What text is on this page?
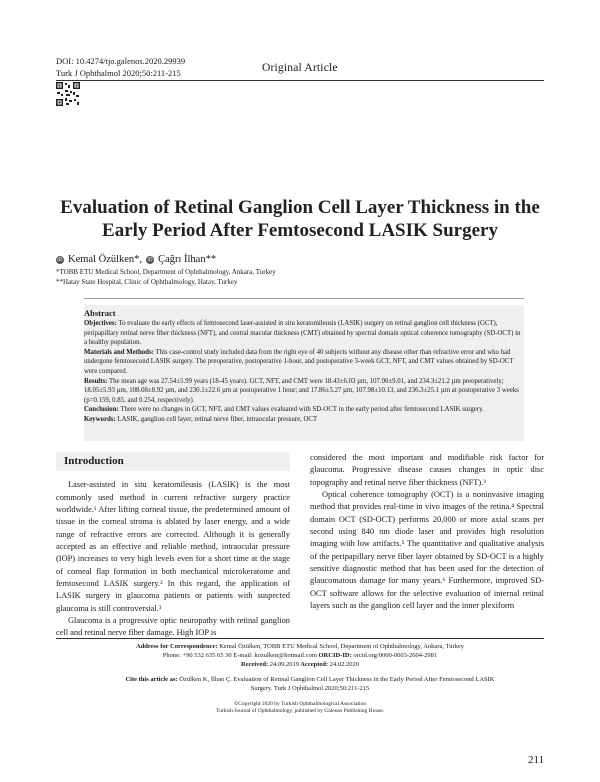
DOI: 10.4274/tjo.galenos.2020.29939
Turk J Ophthalmol 2020;50:211-215	Original Article
Evaluation of Retinal Ganglion Cell Layer Thickness in the Early Period After Femtosecond LASIK Surgery
iD Kemal Özülken*, iD Çağrı İlhan**
*TOBB ETU Medical School, Department of Ophthalmology, Ankara, Turkey
**Hatay State Hospital, Clinic of Ophthalmology, Hatay, Turkey
Abstract
Objectives: To evaluate the early effects of femtosecond laser-assisted in situ keratomileusis (LASIK) surgery on retinal ganglion cell thickness (GCT), peripapillary retinal nerve fiber thickness (NFT), and central macular thickness (CMT) obtained by spectral domain optical coherence tomography (SD-OCT) in a healthy population.
Materials and Methods: This case-control study included data from the right eye of 40 subjects without any disease other than refractive error and who had undergone femtosecond LASIK surgery. The preoperative, postoperative 1-hour, and postoperative 3-week GCT, NFT, and CMT values obtained by SD-OCT were compared.
Results: The mean age was 27.54±5.99 years (18-45 years). GCT, NFT, and CMT were 18.43±6.03 µm, 107.90±9.01, and 234.3±21.2 µm preoperatively; 18.05±5.93 µm, 108.08±8.92 µm, and 230.1±22.6 µm at postoperative 1 hour; and 17.86±5.27 µm, 107.98±10.13, and 236.3±25.1 µm at postoperative 3 weeks (p=0.159, 0.85, and 0.254, respectively).
Conclusion: There were no changes in GCT, NFT, and CMT values evaluated with SD-OCT in the early period after femtosecond LASIK surgery.
Keywords: LASIK, ganglion cell layer, retinal nerve fiber, intraocular pressure, OCT
Introduction

Laser-assisted in situ keratomileusis (LASIK) is the most commonly used method in current refractive surgery practice worldwide.¹ After lifting corneal tissue, the predetermined amount of tissue in the corneal stroma is ablated by laser energy, and a wide range of refractive errors are corrected. Although it is generally accepted as an effective and reliable method, intraocular pressure (IOP) increases to very high levels even for a short time at the stage of corneal flap formation in both mechanical microkeratome and femtosecond LASIK surgery.² In this regard, the application of LASIK surgery in glaucoma patients or patients with suspected glaucoma is still controversial.³

Glaucoma is a progressive optic neuropathy with retinal ganglion cell and retinal nerve fiber damage. High IOP is

considered the most important and modifiable risk factor for glaucoma. Progressive disease causes changes in optic disc topography and retinal nerve fiber thickness (NFT).³

Optical coherence tomography (OCT) is a noninvasive imaging method that provides real-time in vivo images of the retina.⁴ Spectral domain OCT (SD-OCT) performs 20,000 or more axial scans per second using 840 nm diode laser and provides high resolution imaging with low artifacts.⁵ The quantitative and qualitative analysis of the peripapillary nerve fiber layer obtained by SD-OCT is a highly sensitive diagnostic method that has been used for the detection of glaucomatous damage for many years.⁶ Furthermore, improved SD-OCT software allows for the selective evaluation of internal retinal layers such as the ganglion cell layer and the inner plexiform

Address for Correspondence: Kemal Özülken, TOBB ETU Medical School, Department of Ophthalmology, Ankara, Turkey
Phone: +90 532 635 65 30 E-mail: kozulken@hotmail.com ORCID-ID: orcid.org/0000-0003-2604-2981
Received: 24.09.2019 Accepted: 24.02.2020
Cite this article as: Özülken K, İlhan Ç. Evaluation of Retinal Ganglion Cell Layer Thickness in the Early Period After Femtosecond LASIK Surgery. Turk J Ophthalmol 2020;50:211-215
©Copyright 2020 by Turkish Ophthalmological Association
Turkish Journal of Ophthalmology, published by Galenos Publishing House.
211
